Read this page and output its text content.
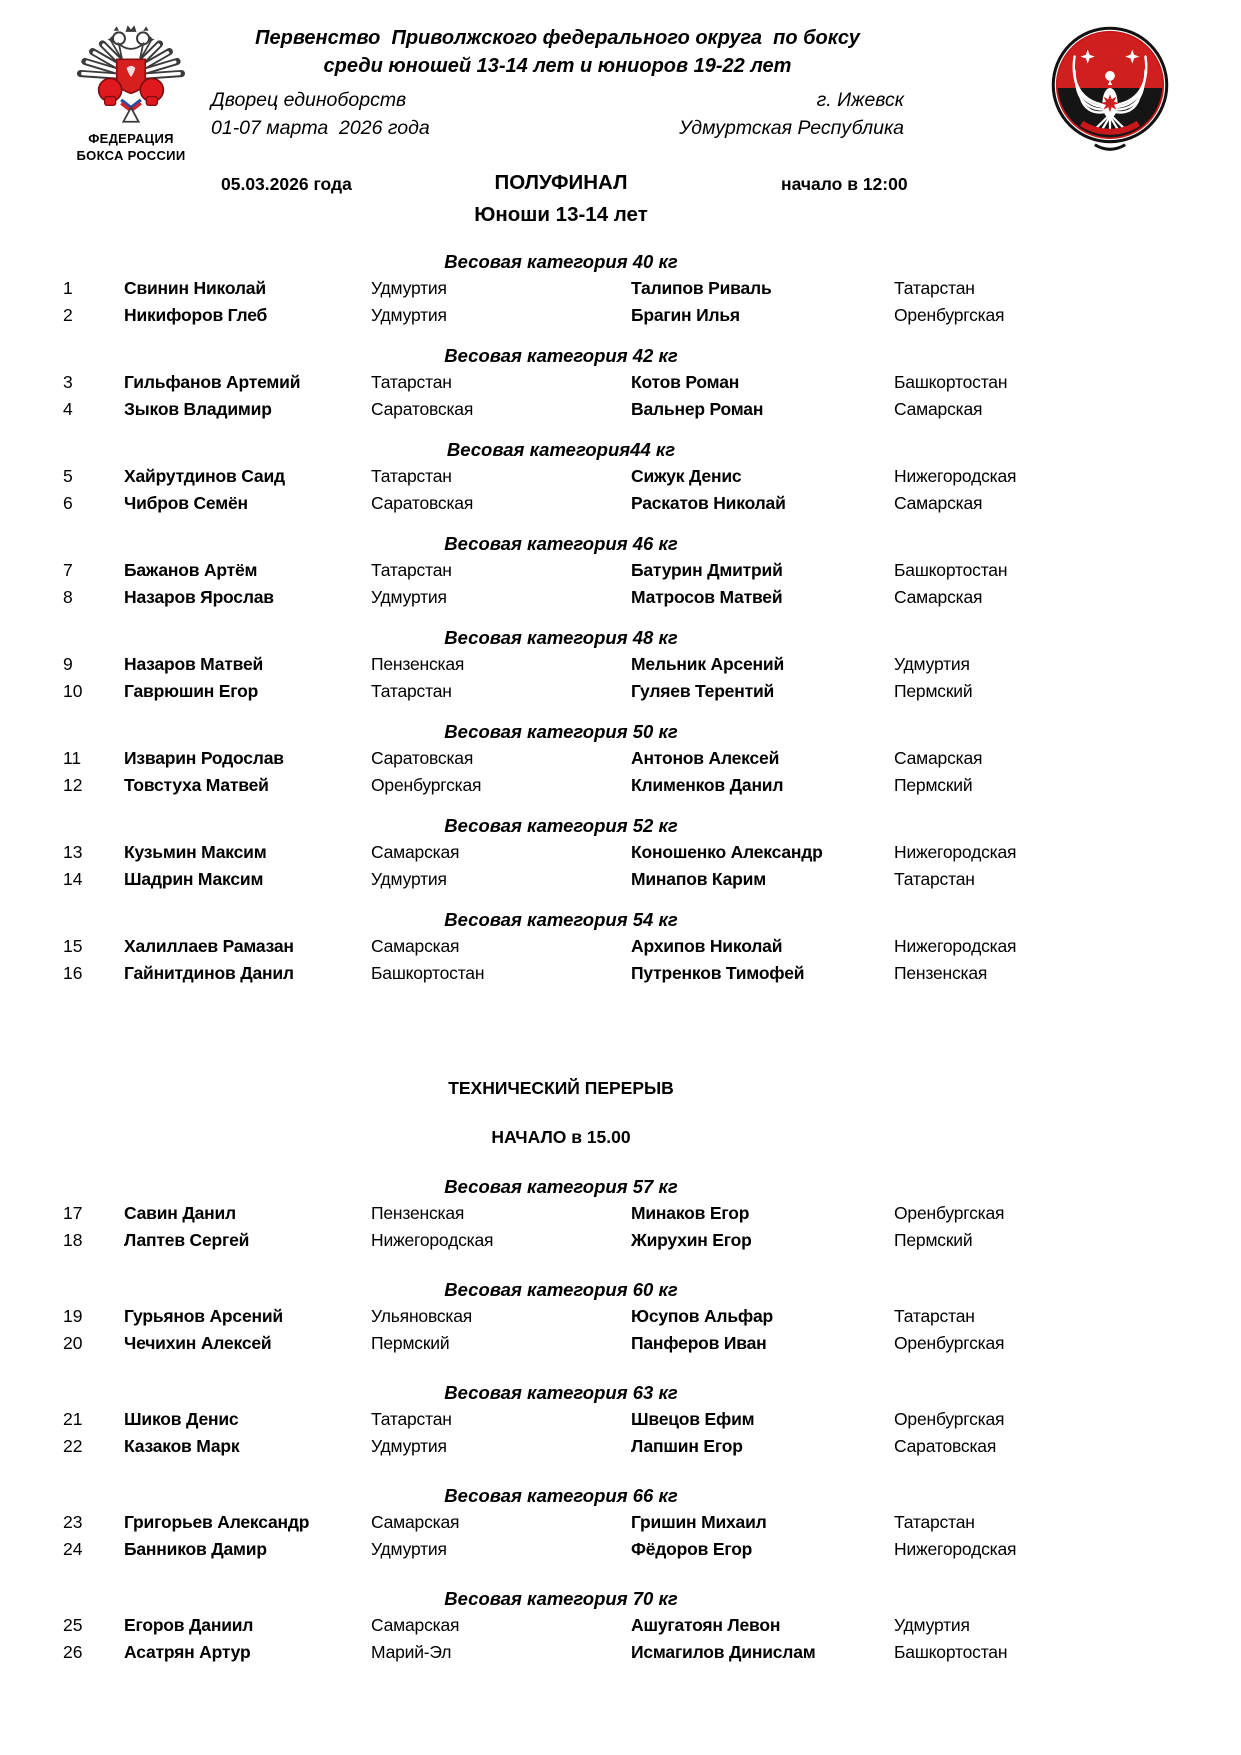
ФЕДЕРАЦИЯ
БОКСА РОССИИ
Первенство  Приволжского федерального округа  по боксу
среди юношей 13-14 лет и юниоров 19-22 лет
Дворец единоборств	г. Ижевск
01-07 марта  2026 года	Удмуртская Республика
05.03.2026 года	ПОЛУФИНАЛ	начало в 12:00
Юноши 13-14 лет
Весовая категория 40 кг
1	Свинин Николай	Удмуртия	Талипов Риваль	Татарстан
2	Никифоров Глеб	Удмуртия	Брагин Илья	Оренбургская
Весовая категория 42 кг
3	Гильфанов Артемий	Татарстан	Котов Роман	Башкортостан
4	Зыков Владимир	Саратовская	Вальнер Роман	Самарская
Весовая категория44 кг
5	Хайрутдинов Саид	Татарстан	Сижук Денис	Нижегородская
6	Чибров Семён	Саратовская	Раскатов Николай	Самарская
Весовая категория 46 кг
7	Бажанов Артём	Татарстан	Батурин Дмитрий	Башкортостан
8	Назаров Ярослав	Удмуртия	Матросов Матвей	Самарская
Весовая категория 48 кг
9	Назаров Матвей	Пензенская	Мельник Арсений	Удмуртия
10	Гаврюшин Егор	Татарстан	Гуляев Терентий	Пермский
Весовая категория 50 кг
11	Изварин Родослав	Саратовская	Антонов Алексей	Самарская
12	Товстуха Матвей	Оренбургская	Клименков Данил	Пермский
Весовая категория 52 кг
13	Кузьмин Максим	Самарская	Коношенко Александр	Нижегородская
14	Шадрин Максим	Удмуртия	Минапов Карим	Татарстан
Весовая категория 54 кг
15	Халиллаев Рамазан	Самарская	Архипов Николай	Нижегородская
16	Гайнитдинов Данил	Башкортостан	Путренков Тимофей	Пензенская
ТЕХНИЧЕСКИЙ ПЕРЕРЫВ
НАЧАЛО в 15.00
Весовая категория 57 кг
17	Савин Данил	Пензенская	Минаков Егор	Оренбургская
18	Лаптев Сергей	Нижегородская	Жирухин Егор	Пермский
Весовая категория 60 кг
19	Гурьянов Арсений	Ульяновская	Юсупов Альфар	Татарстан
20	Чечихин Алексей	Пермский	Панферов Иван	Оренбургская
Весовая категория 63 кг
21	Шиков Денис	Татарстан	Швецов Ефим	Оренбургская
22	Казаков Марк	Удмуртия	Лапшин Егор	Саратовская
Весовая категория 66 кг
23	Григорьев Александр	Самарская	Гришин Михаил	Татарстан
24	Банников Дамир	Удмуртия	Фёдоров Егор	Нижегородская
Весовая категория 70 кг
25	Егоров Даниил	Самарская	Ашугатоян Левон	Удмуртия
26	Асатрян Артур	Марий-Эл	Исмагилов Динислам	Башкортостан
